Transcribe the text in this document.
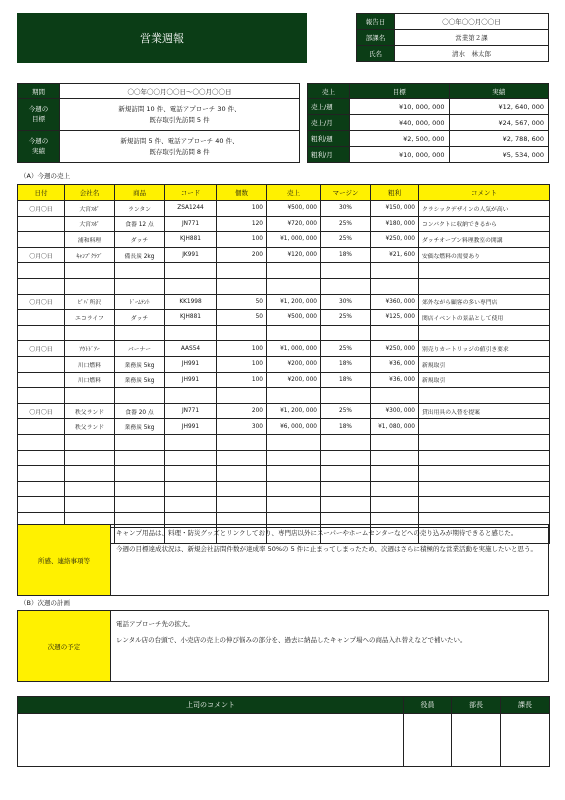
営業週報
報告日	〇〇年〇〇月〇〇日
部課名	営業第２課
氏名	清水　林太郎
期間	〇〇年〇〇月〇〇日～〇〇月〇〇日
今週の
目標	新規訪問 10 件、電話アプローチ 30 件、
既存取引先訪問 5 件
今週の
実績	新規訪問 5 件、電話アプローチ 40 件、
既存取引先訪問 8 件
売上	目標	実績
売上/週	¥10, 000, 000	¥12, 640, 000
売上/月	¥40, 000, 000	¥24, 567, 000
粗利/週	¥2, 500, 000	¥2, 788, 600
粗利/月	¥10, 000, 000	¥5, 534, 000
（A）今週の売上
日付	会社名	商品	コード	個数	売上	マージン	粗利	コメント
〇月〇日	大宮ｽﾎﾟ	ランタン	ZSA1244	100	¥500, 000	30%	¥150, 000	クラシックデザインの人気が高い
	大宮ｽﾎﾟ	食器 12 点	JN771	120	¥720, 000	25%	¥180, 000	コンパクトに収納できるから
	浦和料理	ダッチ	KJH881	100	¥1, 000, 000	25%	¥250, 000	ダッチオーブン料理教室の開講
〇月〇日	ｷｬﾝﾌﾟｸﾗﾌﾞ	備長炭 2kg	JK991	200	¥120, 000	18%	¥21, 600	安価な燃料の需要あり

〇月〇日	ﾋﾟﾊﾞ所沢	ﾄﾞｰﾑﾃﾝﾄ	KK1998	50	¥1, 200, 000	30%	¥360, 000	郊外ながら顧客の多い専門店
	エコライフ	ダッチ	KJH881	50	¥500, 000	25%	¥125, 000	関店イベントの景品として使用

〇月〇日	ｱｳﾄﾄﾞｱｰ	バーナー	AAS54	100	¥1, 000, 000	25%	¥250, 000	別売りカートリッジの値引き要求
	川口燃料	業務炭 5kg	JH991	100	¥200, 000	18%	¥36, 000	新規取引
	川口燃料	業務炭 5kg	JH991	100	¥200, 000	18%	¥36, 000	新規取引

〇月〇日	秩父ランド	食器 20 点	JN771	200	¥1, 200, 000	25%	¥300, 000	貸出用具の入替を提案
	秩父ランド	業務炭 5kg	JH991	300	¥6, 000, 000	18%	¥1, 080, 000	

所感、連絡事項等	

キャンプ用品は、料理・防災グッズとリンクしており、専門店以外にスーパーやホームセンターなどへの売り込みが期待できると感じた。

今週の目標達成状況は、新規会社訪問件数が達成率 50%の 5 件に止まってしまったため、次週はさらに積極的な営業活動を実施したいと思う。

（B）次週の計画
次週の予定	

電話アプローチ先の拡大。

レンタル店の台頭で、小売店の売上の伸び悩みの部分を、過去に納品したキャンプ場への商品入れ替えなどで補いたい。

上司のコメント	役員	部長	課長
